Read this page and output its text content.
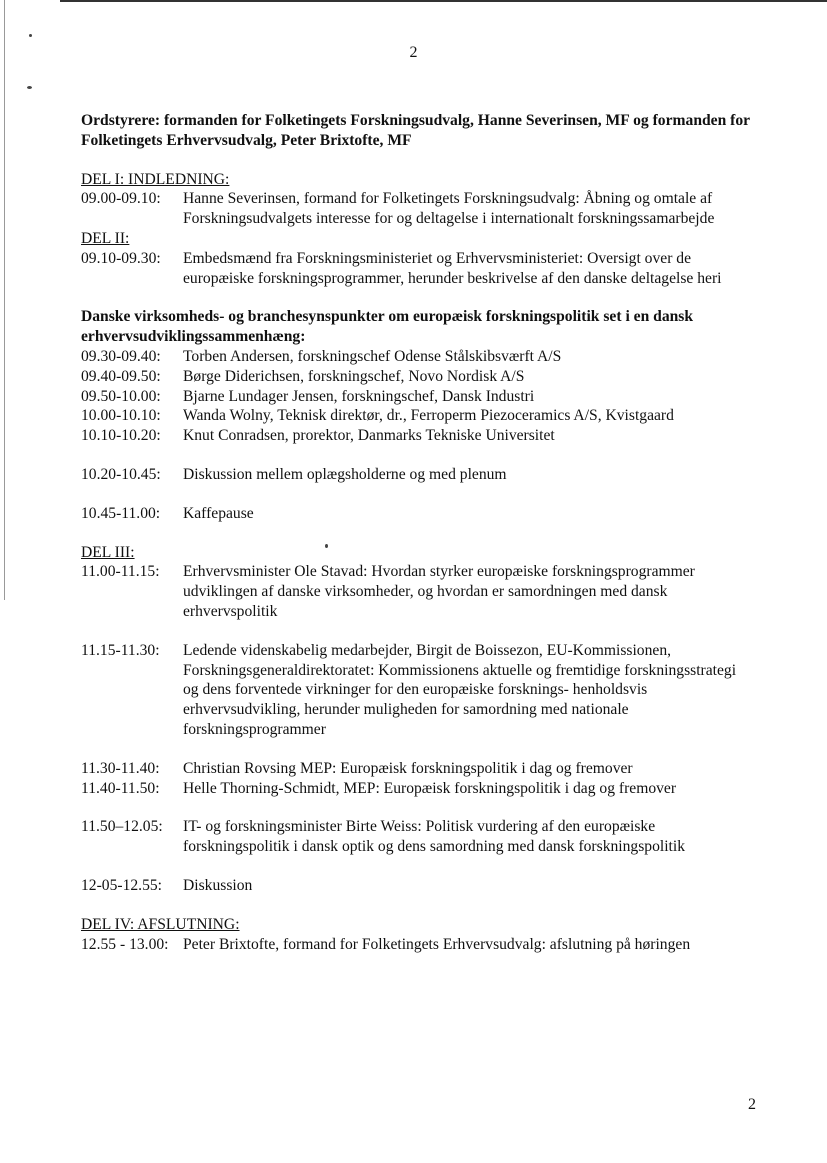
2
Ordstyrere: formanden for Folketingets Forskningsudvalg, Hanne Severinsen, MF og formanden for Folketingets Erhvervsudvalg, Peter Brixtofte, MF
DEL I: INDLEDNING:
09.00-09.10:	Hanne Severinsen, formand for Folketingets Forskningsudvalg: Åbning og omtale af Forskningsudvalgets interesse for og deltagelse i internationalt forskningssamarbejde
DEL II:
09.10-09.30:	Embedsmænd fra Forskningsministeriet og Erhvervsministeriet: Oversigt over de europæiske forskningsprogrammer, herunder beskrivelse af den danske deltagelse heri
Danske virksomheds- og branchesynspunkter om europæisk forskningspolitik set i en dansk erhvervsudviklingssammenhæng:
09.30-09.40:	Torben Andersen, forskningschef Odense Stålskibsværft A/S
09.40-09.50:	Børge Diderichsen, forskningschef, Novo Nordisk A/S
09.50-10.00:	Bjarne Lundager Jensen, forskningschef, Dansk Industri
10.00-10.10:	Wanda Wolny, Teknisk direktør, dr., Ferroperm Piezoceramics A/S, Kvistgaard
10.10-10.20:	Knut Conradsen, prorektor, Danmarks Tekniske Universitet
10.20-10.45:	Diskussion mellem oplægsholderne og med plenum
10.45-11.00:	Kaffepause
DEL III:
11.00-11.15:	Erhvervsminister Ole Stavad: Hvordan styrker europæiske forskningsprogrammer udviklingen af danske virksomheder, og hvordan er samordningen med dansk erhvervspolitik
11.15-11.30:	Ledende videnskabelig medarbejder, Birgit de Boissezon, EU-Kommissionen, Forskningsgeneraldirektoratet: Kommissionens aktuelle og fremtidige forskningsstrategi og dens forventede virkninger for den europæiske forsknings- henholdsvis erhvervsudvikling, herunder muligheden for samordning med nationale forskningsprogrammer
11.30-11.40:	Christian Rovsing MEP: Europæisk forskningspolitik i dag og fremover
11.40-11.50:	Helle Thorning-Schmidt, MEP: Europæisk forskningspolitik i dag og fremover
11.50–12.05:	IT- og forskningsminister Birte Weiss: Politisk vurdering af den europæiske forskningspolitik i dansk optik og dens samordning med dansk forskningspolitik
12-05-12.55:	Diskussion
DEL IV: AFSLUTNING:
12.55 - 13.00: Peter Brixtofte, formand for Folketingets Erhvervsudvalg: afslutning på høringen
2
